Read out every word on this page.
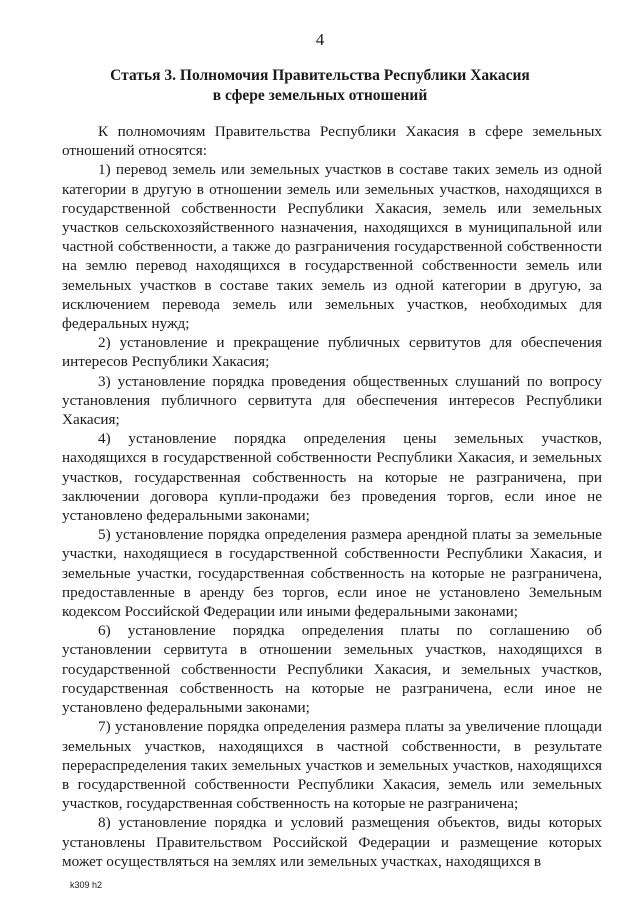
4
Статья 3. Полномочия Правительства Республики Хакасия
в сфере земельных отношений

К полномочиям Правительства Республики Хакасия в сфере земельных отношений относятся:

1) перевод земель или земельных участков в составе таких земель из одной категории в другую в отношении земель или земельных участков, находящихся в государственной собственности Республики Хакасия, земель или земельных участков сельскохозяйственного назначения, находящихся в муниципальной или частной собственности, а также до разграничения государственной собственности на землю перевод находящихся в государственной собственности земель или земельных участков в составе таких земель из одной категории в другую, за исключением перевода земель или земельных участков, необходимых для федеральных нужд;

2) установление и прекращение публичных сервитутов для обеспечения интересов Республики Хакасия;

3) установление порядка проведения общественных слушаний по вопросу установления публичного сервитута для обеспечения интересов Республики Хакасия;

4) установление порядка определения цены земельных участков, находящихся в государственной собственности Республики Хакасия, и земельных участков, государственная собственность на которые не разграничена, при заключении договора купли-продажи без проведения торгов, если иное не установлено федеральными законами;

5) установление порядка определения размера арендной платы за земельные участки, находящиеся в государственной собственности Республики Хакасия, и земельные участки, государственная собственность на которые не разграничена, предоставленные в аренду без торгов, если иное не установлено Земельным кодексом Российской Федерации или иными федеральными законами;

6) установление порядка определения платы по соглашению об установлении сервитута в отношении земельных участков, находящихся в государственной собственности Республики Хакасия, и земельных участков, государственная собственность на которые не разграничена, если иное не установлено федеральными законами;

7) установление порядка определения размера платы за увеличение площади земельных участков, находящихся в частной собственности, в результате перераспределения таких земельных участков и земельных участков, находящихся в государственной собственности Республики Хакасия, земель или земельных участков, государственная собственность на которые не разграничена;

8) установление порядка и условий размещения объектов, виды которых установлены Правительством Российской Федерации и размещение которых может осуществляться на землях или земельных участках, находящихся в

k309 h2
